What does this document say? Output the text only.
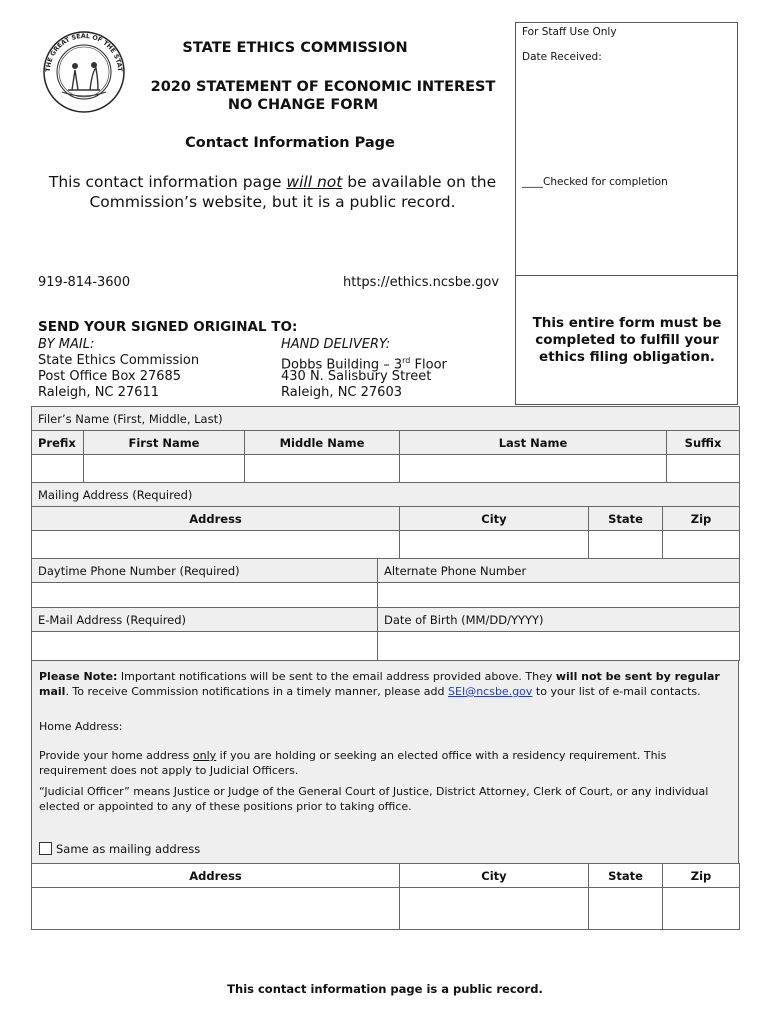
THE GREAT SEAL OF THE STAT
STATE ETHICS COMMISSION
2020 STATEMENT OF ECONOMIC INTEREST
NO CHANGE FORM
Contact Information Page
This contact information page will not be available on the
Commission’s website, but it is a public record.
919-814-3600	https://ethics.ncsbe.gov
For Staff Use Only
Date Received:
____Checked for completion
This entire form must be completed to fulfill your ethics filing obligation.
SEND YOUR SIGNED ORIGINAL TO:
BY MAIL:
State Ethics Commission
Post Office Box 27685
Raleigh, NC 27611
HAND DELIVERY:
Dobbs Building – 3rd Floor
430 N. Salisbury Street
Raleigh, NC 27603
Filer’s Name (First, Middle, Last)				
Prefix	First Name	Middle Name	Last Name	Suffix

Mailing Address (Required)			
Address	City	State	Zip

Daytime Phone Number (Required)	Alternate Phone Number

E-Mail Address (Required)	Date of Birth (MM/DD/YYYY)

Please Note: Important notifications will be sent to the email address provided above. They will not be sent by regular mail. To receive Commission notifications in a timely manner, please add SEI@ncsbe.gov to your list of e-mail contacts.

Home Address:

Provide your home address only if you are holding or seeking an elected office with a residency requirement. This requirement does not apply to Judicial Officers.

“Judicial Officer” means Justice or Judge of the General Court of Justice, District Attorney, Clerk of Court, or any individual elected or appointed to any of these positions prior to taking office.

Same as mailing address

Address	City	State	Zip

This contact information page is a public record.
